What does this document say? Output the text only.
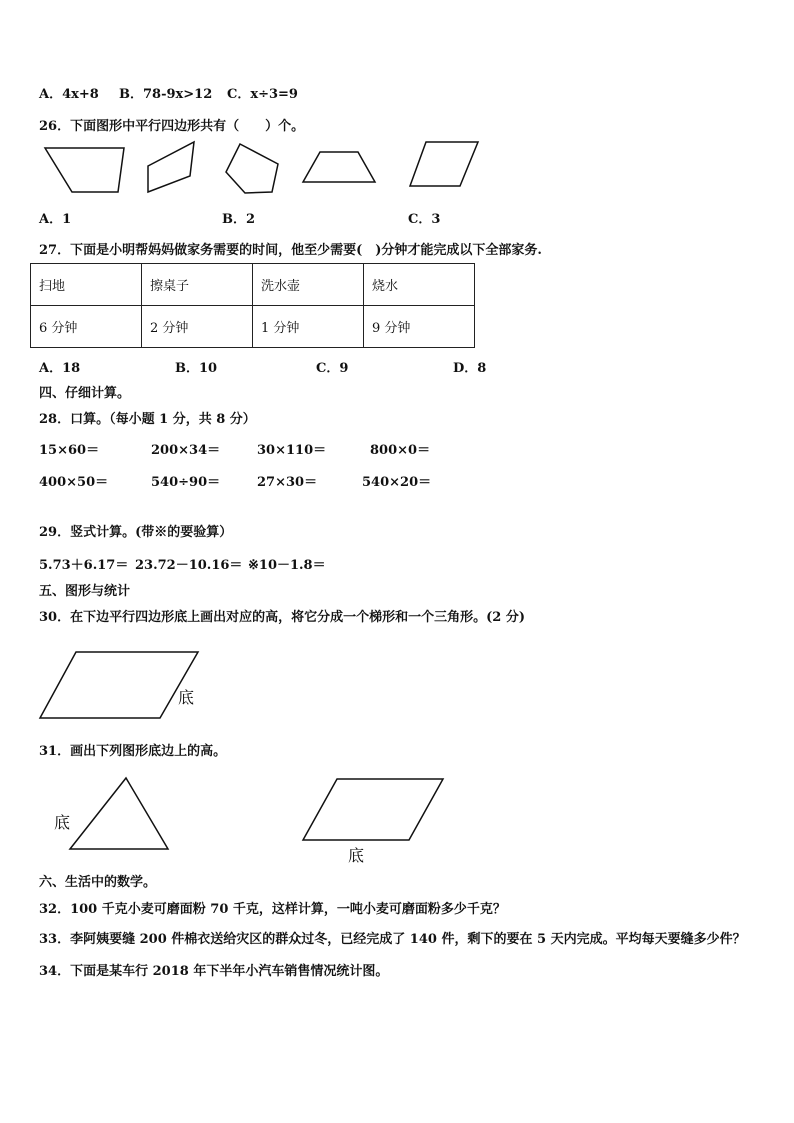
A．4x+8 B．78-9x>12 C．x÷3=9
26．下面图形中平行四边形共有（　　）个。
A．1	B．2	C．3
27．下面是小明帮妈妈做家务需要的时间，他至少需要(　)分钟才能完成以下全部家务.
扫地	擦桌子	洗水壶	烧水
6 分钟	2 分钟	1 分钟	9 分钟
A．18	B．10	C．9	D．8
四、仔细计算。
28．口算。（每小题 1 分，共 8 分）
15×60＝	200×34＝	30×110＝	800×0＝
400×50＝	540÷90＝	27×30＝	540×20＝
29．竖式计算。(带※的要验算）
5.73＋6.17＝ 23.72－10.16＝ ※10－1.8＝
五、图形与统计
30．在下边平行四边形底上画出对应的高，将它分成一个梯形和一个三角形。(2 分)
底
31．画出下列图形底边上的高。
底
底
六、生活中的数学。
32．100 千克小麦可磨面粉 70 千克，这样计算，一吨小麦可磨面粉多少千克？
33．李阿姨要缝 200 件棉衣送给灾区的群众过冬，已经完成了 140 件，剩下的要在 5 天内完成。平均每天要缝多少件？
34．下面是某车行 2018 年下半年小汽车销售情况统计图。
